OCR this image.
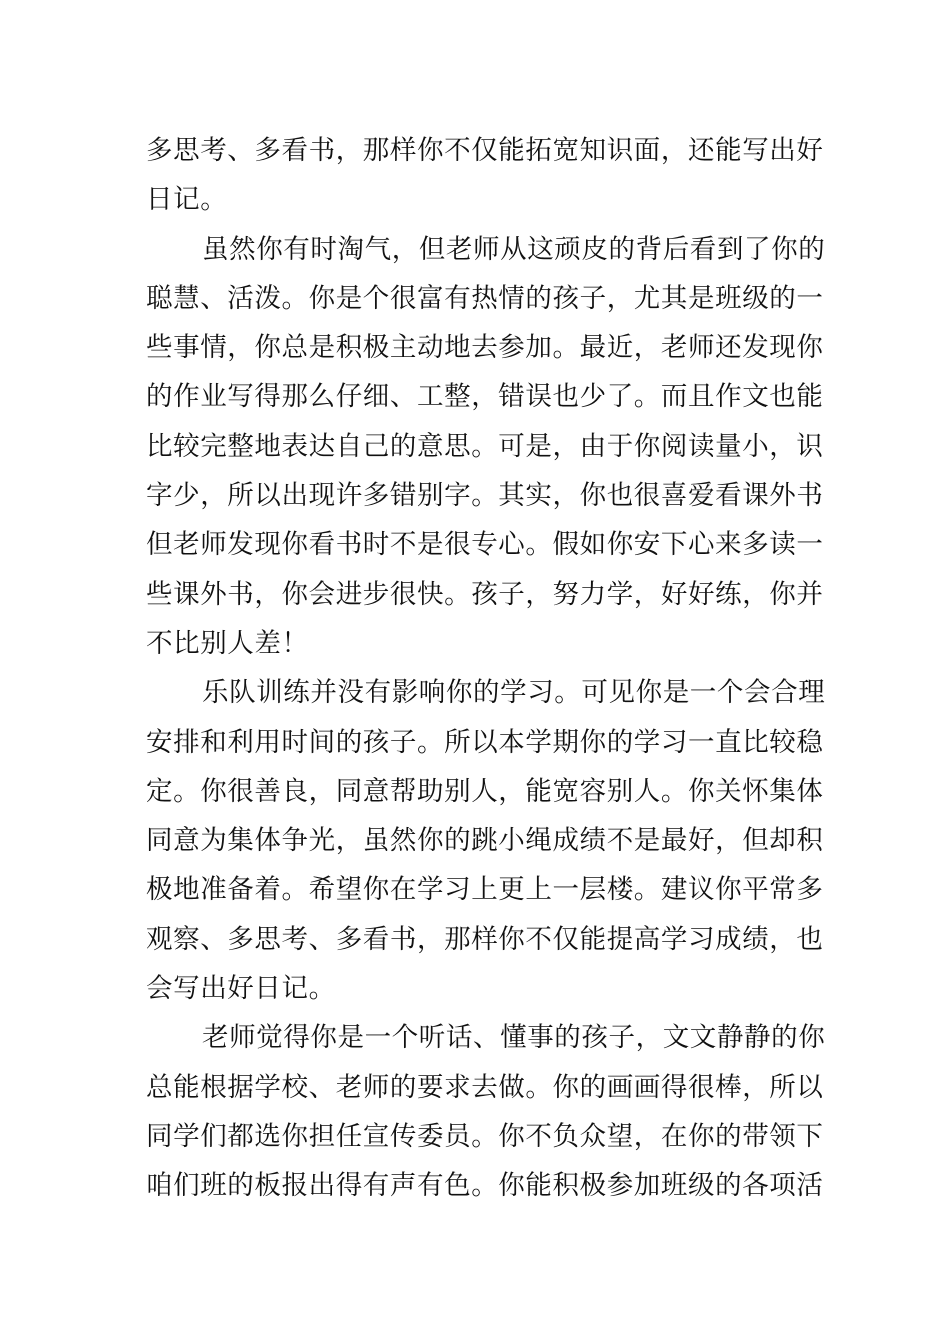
多思考、多看书，那样你不仅能拓宽知识面，还能写出好
日记。
虽然你有时淘气，但老师从这顽皮的背后看到了你的
聪慧、活泼。你是个很富有热情的孩子，尤其是班级的一
些事情，你总是积极主动地去参加。最近，老师还发现你
的作业写得那么仔细、工整，错误也少了。而且作文也能
比较完整地表达自己的意思。可是，由于你阅读量小，识
字少，所以出现许多错别字。其实，你也很喜爱看课外书
但老师发现你看书时不是很专心。假如你安下心来多读一
些课外书，你会进步很快。孩子，努力学，好好练，你并
不比别人差！
乐队训练并没有影响你的学习。可见你是一个会合理
安排和利用时间的孩子。所以本学期你的学习一直比较稳
定。你很善良，同意帮助别人，能宽容别人。你关怀集体
同意为集体争光，虽然你的跳小绳成绩不是最好，但却积
极地准备着。希望你在学习上更上一层楼。建议你平常多
观察、多思考、多看书，那样你不仅能提高学习成绩，也
会写出好日记。
老师觉得你是一个听话、懂事的孩子，文文静静的你
总能根据学校、老师的要求去做。你的画画得很棒，所以
同学们都选你担任宣传委员。你不负众望，在你的带领下
咱们班的板报出得有声有色。你能积极参加班级的各项活
